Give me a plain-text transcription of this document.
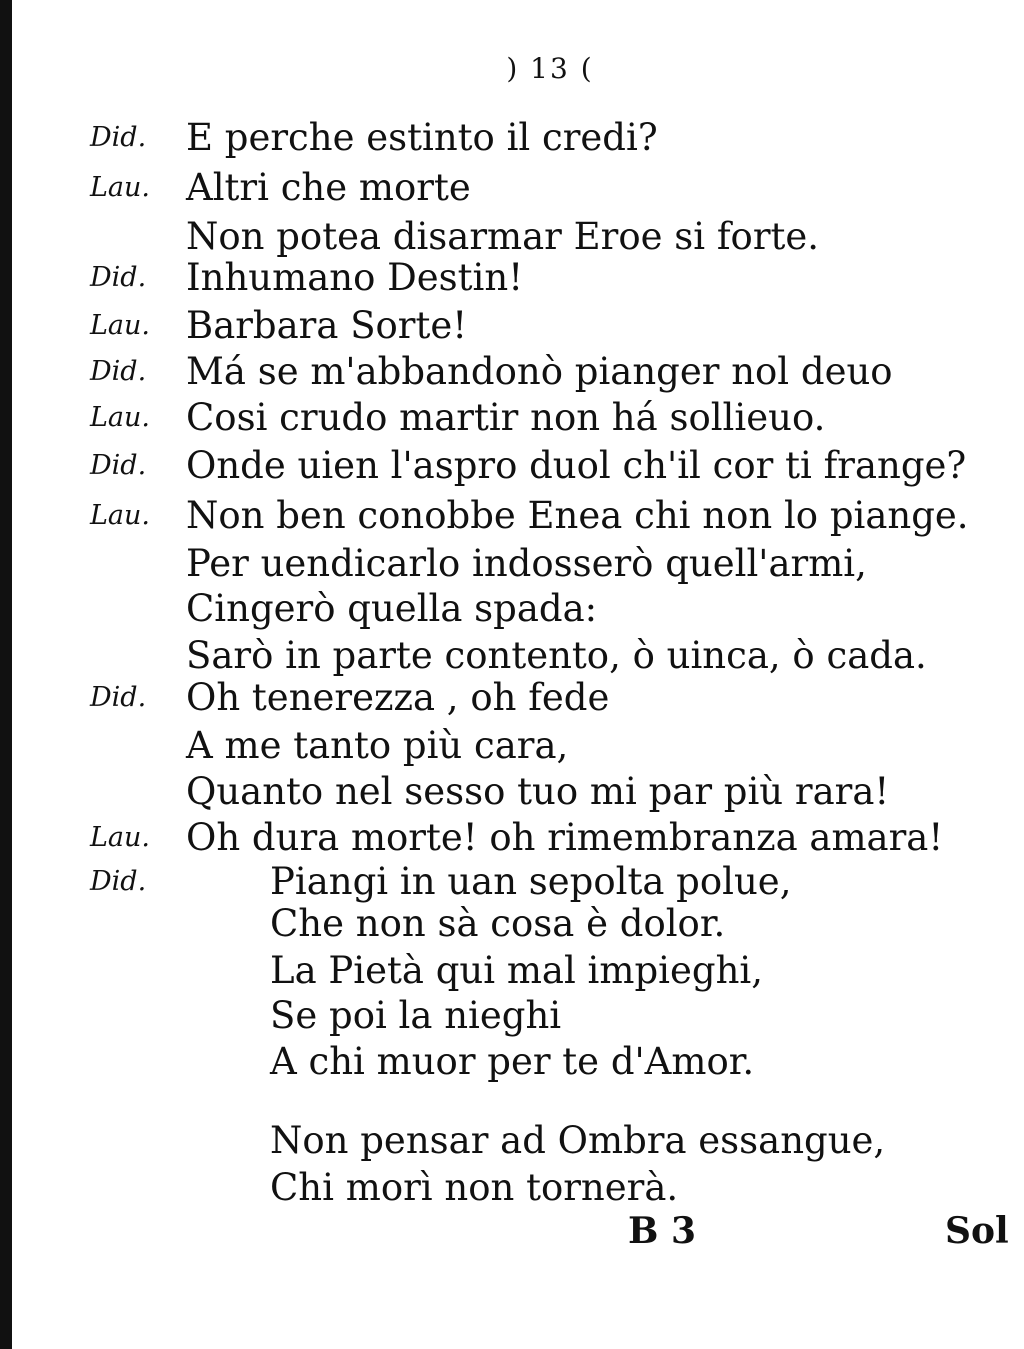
) 13 (
Did.	E perche estinto il credi?
Lau. Altri che morte
Non potea disarmar Eroe si forte.
Did.	Inhumano Destin!
Lau. Barbara Sorte!
Did.	Má se m'abbandonò pianger nol deuo
Lau. Cosi crudo martir non há sollieuo.
Did.	Onde uien l'aspro duol ch'il cor ti frange?
Lau. Non ben conobbe Enea chi non lo piange.
Per uendicarlo indosserò quell'armi,
Cingerò quella spada:
Sarò in parte contento, ò uinca, ò cada.
Did.	Oh tenerezza , oh fede
A me tanto più cara,
Quanto nel sesso tuo mi par più rara!
Lau. Oh dura morte! oh rimembranza amara!
Did.	Piangi in uan sepolta polue,
Che non sà cosa è dolor.
La Pietà qui mal impieghi,
Se poi la nieghi
A chi muor per te d'Amor.
Non pensar ad Ombra essangue,
Chi morì non tornerà.
B 3	Sol
